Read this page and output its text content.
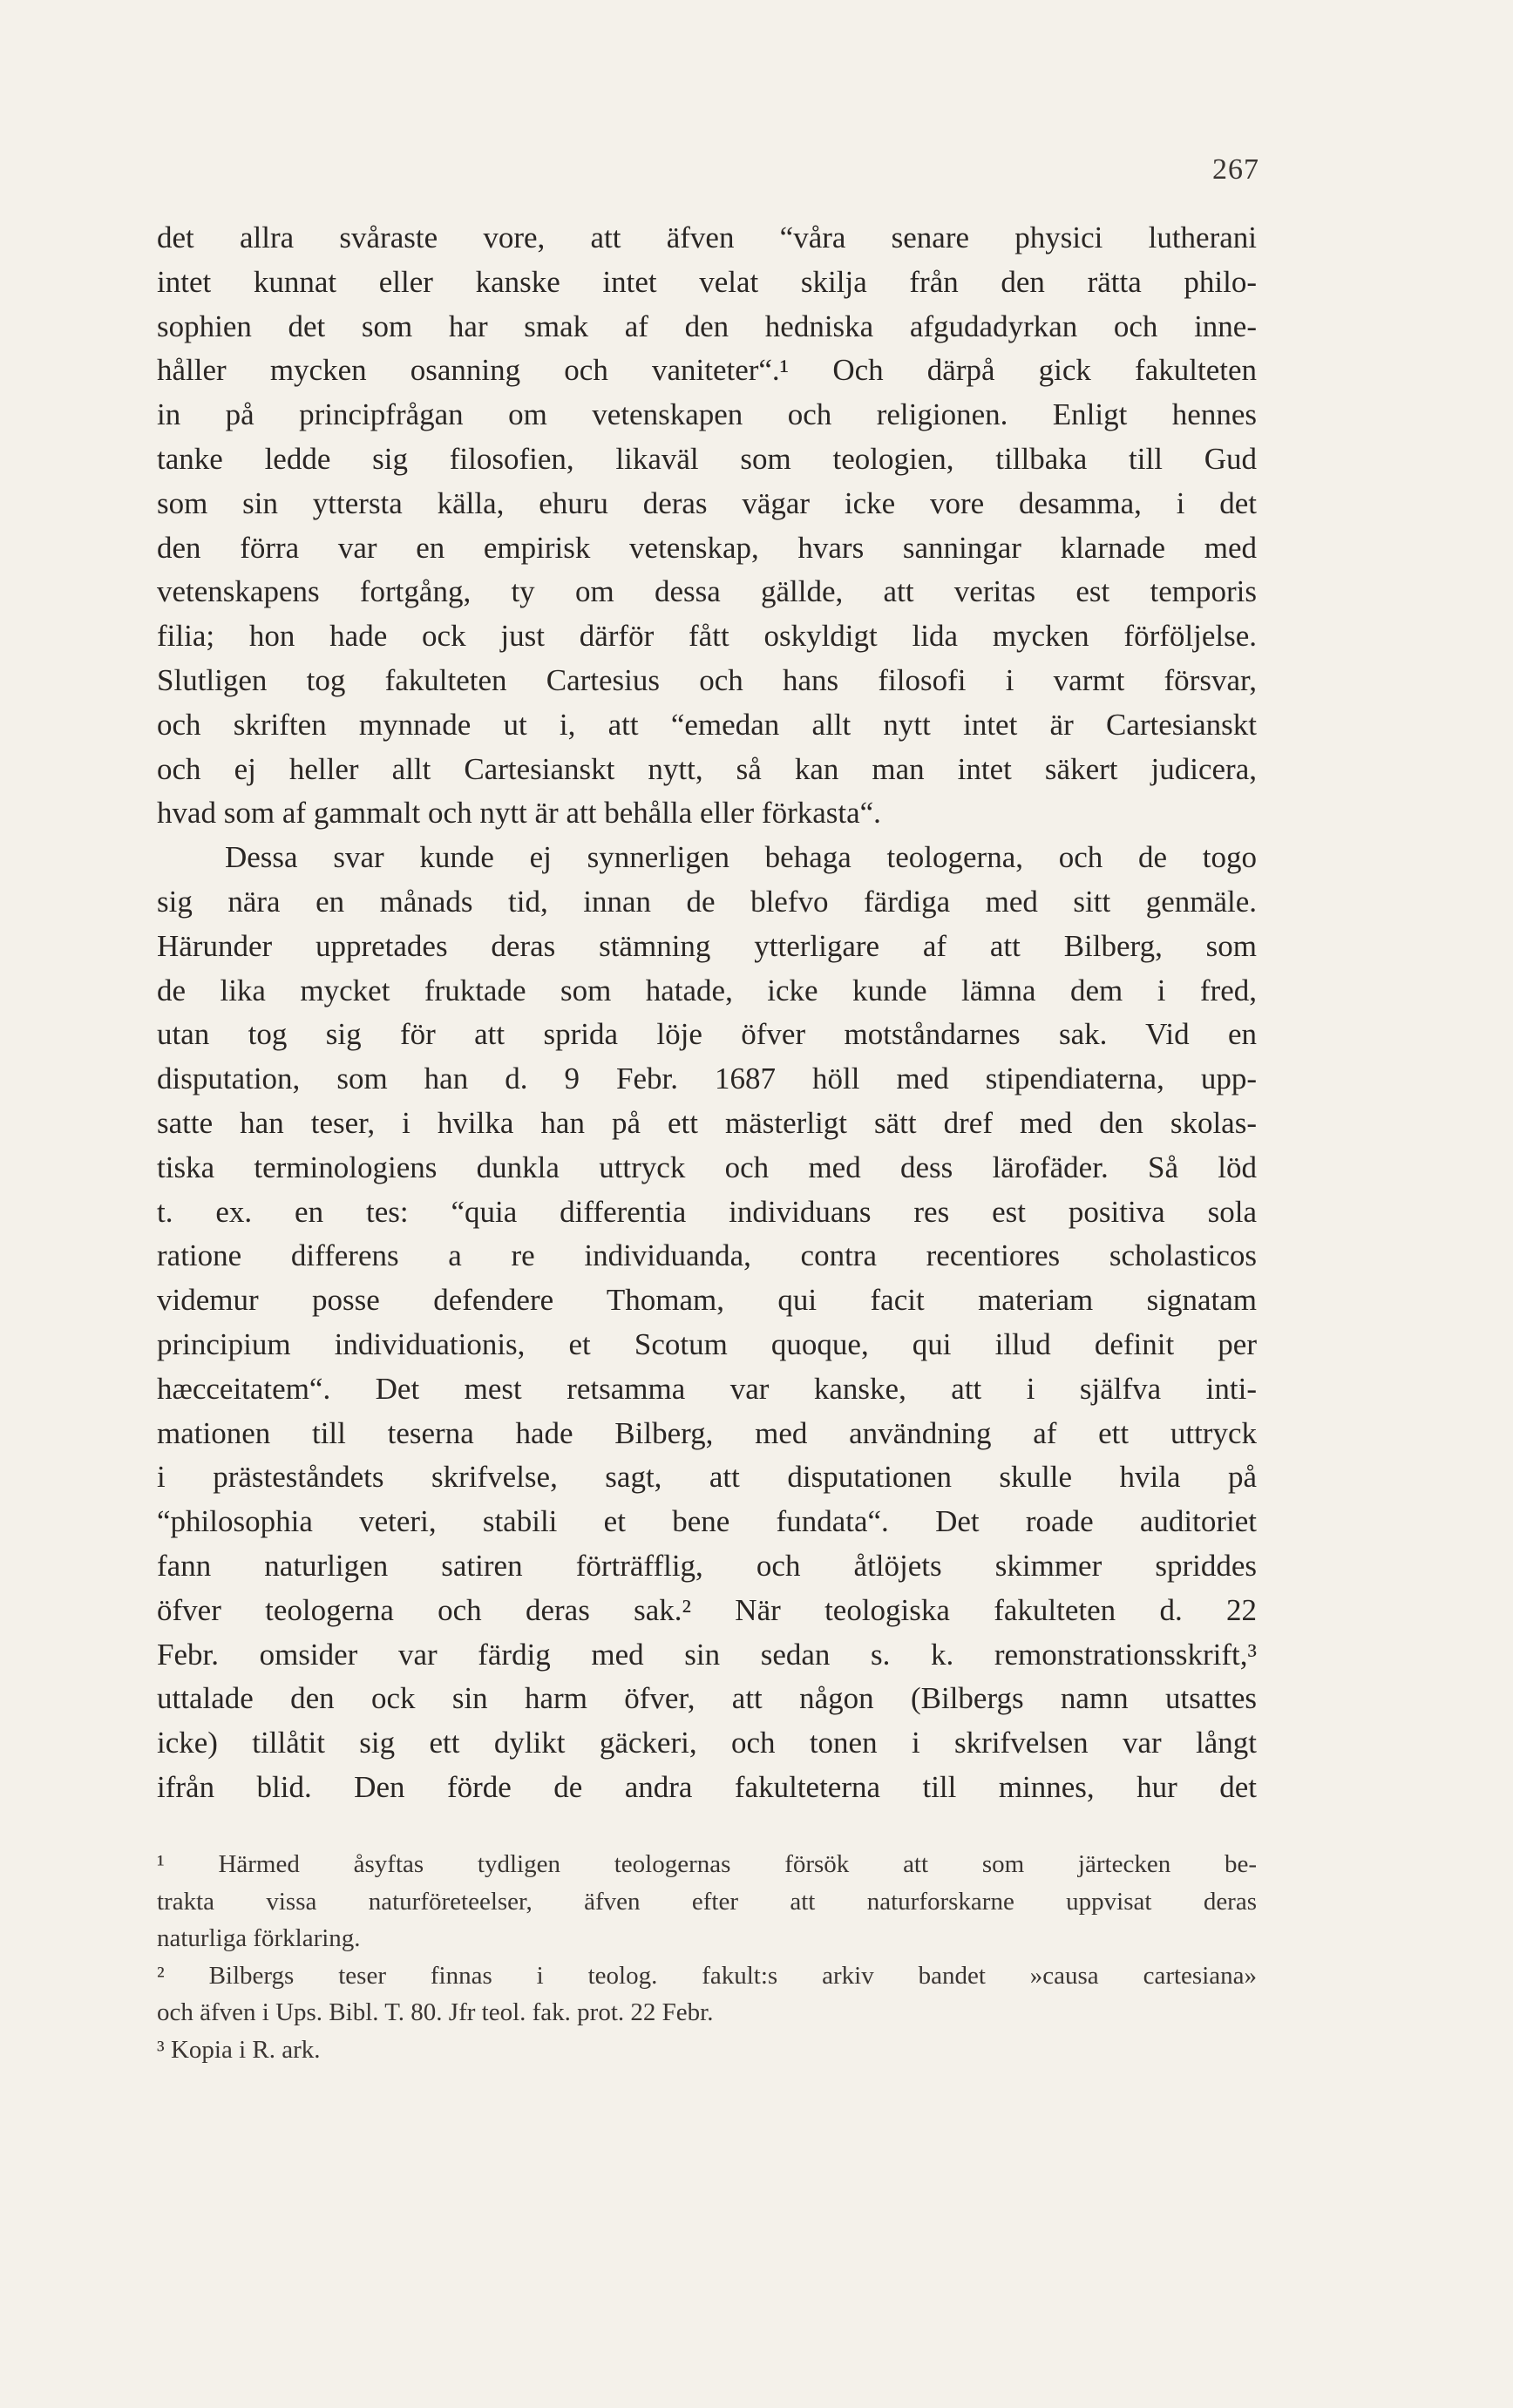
267
det allra svåraste vore, att äfven “våra senare physici lutherani
intet kunnat eller kanske intet velat skilja från den rätta philo-
sophien det som har smak af den hedniska afgudadyrkan och inne-
håller mycken osanning och vaniteter“.¹ Och därpå gick fakulteten
in på principfrågan om vetenskapen och religionen. Enligt hennes
tanke ledde sig filosofien, likaväl som teologien, tillbaka till Gud
som sin yttersta källa, ehuru deras vägar icke vore desamma, i det
den förra var en empirisk vetenskap, hvars sanningar klarnade med
vetenskapens fortgång, ty om dessa gällde, att veritas est temporis
filia; hon hade ock just därför fått oskyldigt lida mycken förföljelse.
Slutligen tog fakulteten Cartesius och hans filosofi i varmt försvar,
och skriften mynnade ut i, att “emedan allt nytt intet är Cartesianskt
och ej heller allt Cartesianskt nytt, så kan man intet säkert judicera,
hvad som af gammalt och nytt är att behålla eller förkasta“.
Dessa svar kunde ej synnerligen behaga teologerna, och de togo
sig nära en månads tid, innan de blefvo färdiga med sitt genmäle.
Härunder uppretades deras stämning ytterligare af att Bilberg, som
de lika mycket fruktade som hatade, icke kunde lämna dem i fred,
utan tog sig för att sprida löje öfver motståndarnes sak. Vid en
disputation, som han d. 9 Febr. 1687 höll med stipendiaterna, upp-
satte han teser, i hvilka han på ett mästerligt sätt dref med den skolas-
tiska terminologiens dunkla uttryck och med dess lärofäder. Så löd
t. ex. en tes: “quia differentia individuans res est positiva sola
ratione differens a re individuanda, contra recentiores scholasticos
videmur posse defendere Thomam, qui facit materiam signatam
principium individuationis, et Scotum quoque, qui illud definit per
hæcceitatem“. Det mest retsamma var kanske, att i själfva inti-
mationen till teserna hade Bilberg, med användning af ett uttryck
i prästeståndets skrifvelse, sagt, att disputationen skulle hvila på
“philosophia veteri, stabili et bene fundata“. Det roade auditoriet
fann naturligen satiren förträfflig, och åtlöjets skimmer spriddes
öfver teologerna och deras sak.² När teologiska fakulteten d. 22
Febr. omsider var färdig med sin sedan s. k. remonstrationsskrift,³
uttalade den ock sin harm öfver, att någon (Bilbergs namn utsattes
icke) tillåtit sig ett dylikt gäckeri, och tonen i skrifvelsen var långt
ifrån blid. Den förde de andra fakulteterna till minnes, hur det
¹ Härmed åsyftas tydligen teologernas försök att som järtecken be-
trakta vissa naturföreteelser, äfven efter att naturforskarne uppvisat deras
naturliga förklaring.
² Bilbergs teser finnas i teolog. fakult:s arkiv bandet »causa cartesiana»
och äfven i Ups. Bibl. T. 80. Jfr teol. fak. prot. 22 Febr.
³ Kopia i R. ark.
